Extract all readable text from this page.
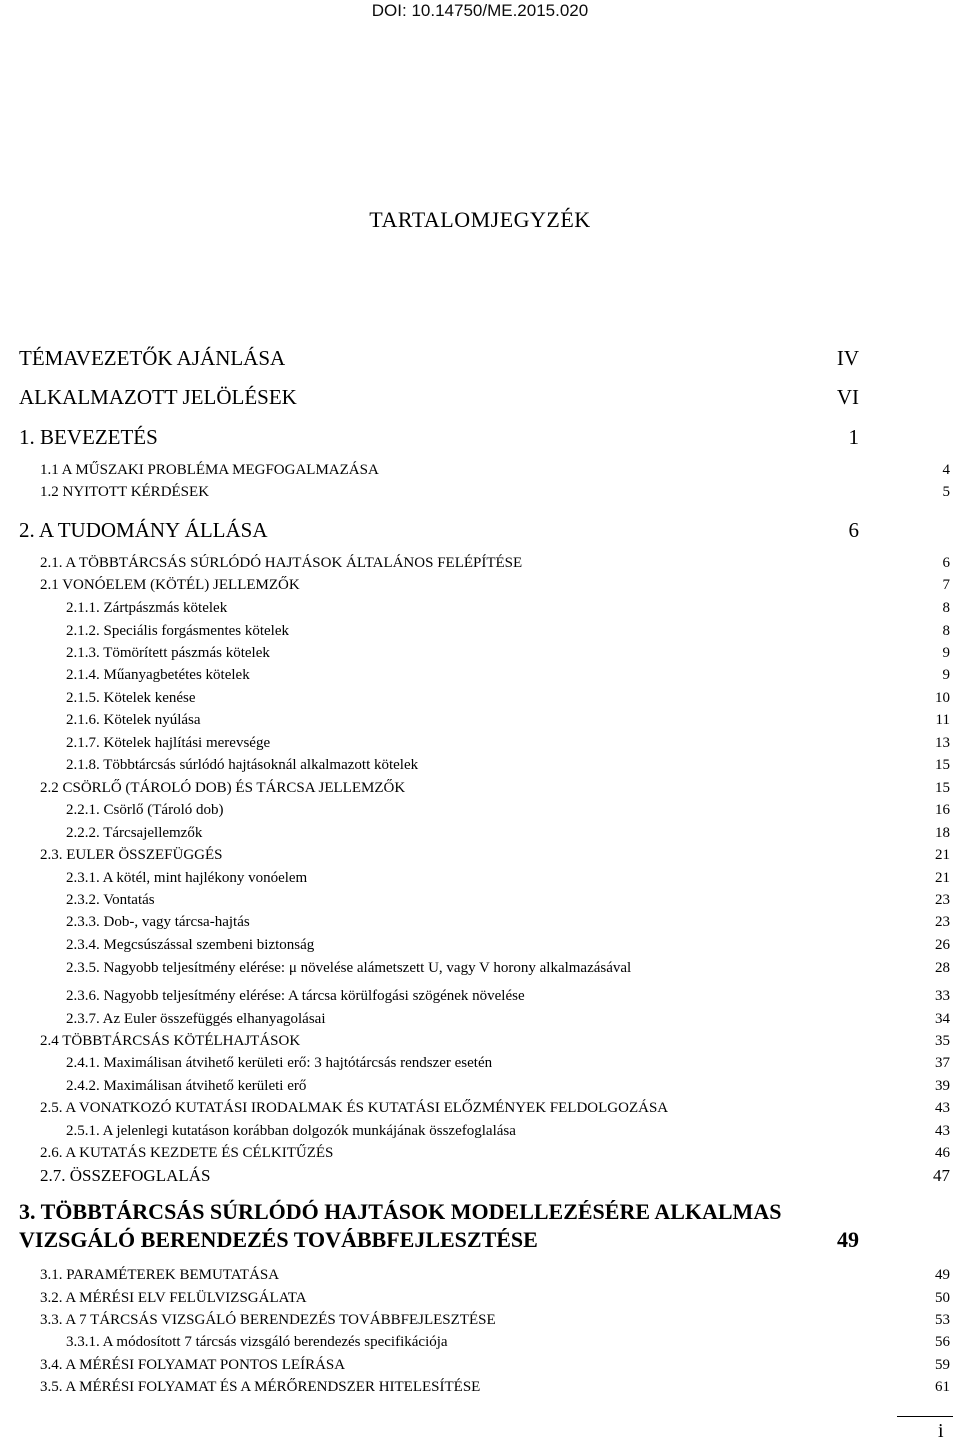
DOI: 10.14750/ME.2015.020
TARTALOMJEGYZÉK
TÉMAVEZETŐK AJÁNLÁSA	IV
ALKALMAZOTT JELÖLÉSEK	VI
1. BEVEZETÉS	1
1.1 A MŰSZAKI PROBLÉMA MEGFOGALMAZÁSA	4
1.2 NYITOTT KÉRDÉSEK	5
2. A TUDOMÁNY ÁLLÁSA	6
2.1. A TÖBBTÁRCSÁS SÚRLÓDÓ HAJTÁSOK ÁLTALÁNOS FELÉPÍTÉSE	6
2.1 VONÓELEM (KÖTÉL) JELLEMZŐK	7
2.1.1. Zártpászmás kötelek	8
2.1.2. Speciális forgásmentes kötelek	8
2.1.3. Tömörített pászmás kötelek	9
2.1.4. Műanyagbetétes kötelek	9
2.1.5. Kötelek kenése	10
2.1.6. Kötelek nyúlása	11
2.1.7. Kötelek hajlítási merevsége	13
2.1.8. Többtárcsás súrlódó hajtásoknál alkalmazott kötelek	15
2.2 CSÖRLŐ (TÁROLÓ DOB) ÉS TÁRCSA JELLEMZŐK	15
2.2.1. Csörlő (Tároló dob)	16
2.2.2. Tárcsajellemzők	18
2.3. EULER ÖSSZEFÜGGÉS	21
2.3.1. A kötél, mint hajlékony vonóelem	21
2.3.2. Vontatás	23
2.3.3. Dob-, vagy tárcsa-hajtás	23
2.3.4. Megcsúszással szembeni biztonság	26
2.3.5. Nagyobb teljesítmény elérése: μ növelése alámetszett U, vagy V horony alkalmazásával	28
2.3.6. Nagyobb teljesítmény elérése: A tárcsa körülfogási szögének növelése	33
2.3.7. Az Euler összefüggés elhanyagolásai	34
2.4 TÖBBTÁRCSÁS KÖTÉLHAJTÁSOK	35
2.4.1. Maximálisan átvihető kerületi erő: 3 hajtótárcsás rendszer esetén	37
2.4.2. Maximálisan átvihető kerületi erő	39
2.5. A VONATKOZÓ KUTATÁSI IRODALMAK ÉS KUTATÁSI ELŐZMÉNYEK FELDOLGOZÁSA	43
2.5.1. A jelenlegi kutatáson korábban dolgozók munkájának összefoglalása	43
2.6. A KUTATÁS KEZDETE ÉS CÉLKITŰZÉS	46
2.7. ÖSSZEFOGLALÁS	47
3. TÖBBTÁRCSÁS SÚRLÓDÓ HAJTÁSOK MODELLEZÉSÉRE ALKALMAS
VIZSGÁLÓ BERENDEZÉS TOVÁBBFEJLESZTÉSE	49
3.1. PARAMÉTEREK BEMUTATÁSA	49
3.2. A MÉRÉSI ELV FELÜLVIZSGÁLATA	50
3.3. A 7 TÁRCSÁS VIZSGÁLÓ BERENDEZÉS TOVÁBBFEJLESZTÉSE	53
3.3.1. A módosított 7 tárcsás vizsgáló berendezés specifikációja	56
3.4. A MÉRÉSI FOLYAMAT PONTOS LEÍRÁSA	59
3.5. A MÉRÉSI FOLYAMAT ÉS A MÉRŐRENDSZER HITELESÍTÉSE	61
i
